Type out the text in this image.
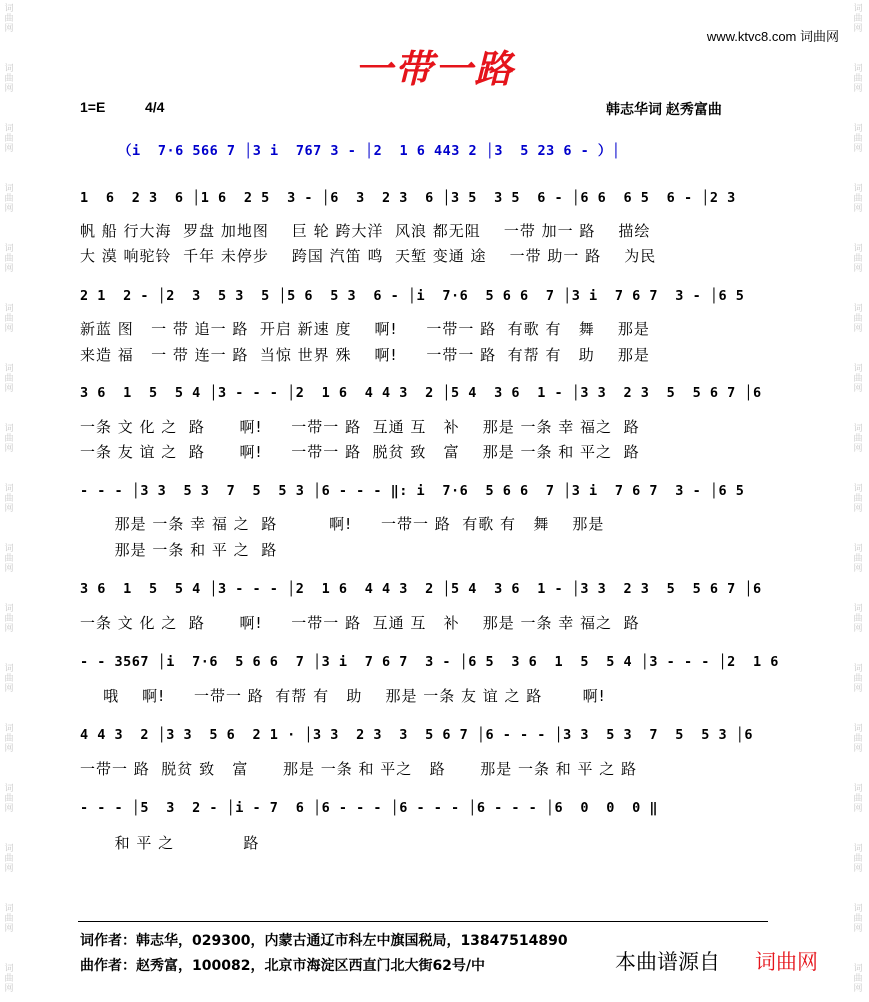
词
曲
网
词
曲
网
词
曲
网
词
曲
网
词
曲
网
词
曲
网
词
曲
网
词
曲
网
词
曲
网
词
曲
网
词
曲
网
词
曲
网
词
曲
网
词
曲
网
词
曲
网
词
曲
网
词
曲
网
词
曲
网
词
曲
网
词
曲
网
词
曲
网
词
曲
网
词
曲
网
词
曲
网
词
曲
网
词
曲
网
词
曲
网
词
曲
网
词
曲
网
词
曲
网
词
曲
网
词
曲
网
词
曲
网
词
曲
网
www.ktvc8.com 词曲网
一带一路
1=E	4/4	韩志华词 赵秀富曲
（i  7·6 566 7 │3 i  767 3 - │2  1 6 443 2 │3  5 23 6 - ）│
1  6  2 3  6 │1 6  2 5  3 - │6  3  2 3  6 │3 5  3 5  6 - │6 6  6 5  6 - │2 3
帆 船 行大海  罗盘 加地图    巨 轮 跨大洋  风浪 都无阻    一带 加一 路    描绘
大 漠 响驼铃  千年 未停步    跨国 汽笛 鸣  天堑 变通 途    一带 助一 路    为民
2 1  2 - │2  3  5 3  5 │5 6  5 3  6 - │i  7·6  5 6 6  7 │3 i  7 6 7  3 - │6 5
新蓝 图   一 带 追一 路  开启 新速 度    啊!     一带一 路  有歌 有   舞    那是
来造 福   一 带 连一 路  当惊 世界 殊    啊!     一带一 路  有帮 有   助    那是
3 6  1  5  5 4 │3 - - - │2  1 6  4 4 3  2 │5 4  3 6  1 - │3 3  2 3  5  5 6 7 │6
一条 文 化 之  路      啊!     一带一 路  互通 互   补    那是 一条 幸 福之  路
一条 友 谊 之  路      啊!     一带一 路  脱贫 致   富    那是 一条 和 平之  路
- - - │3 3  5 3  7  5  5 3 │6 - - - ‖: i  7·6  5 6 6  7 │3 i  7 6 7  3 - │6 5
那是 一条 幸 福 之  路         啊!     一带一 路  有歌 有   舞    那是
那是 一条 和 平 之  路
3 6  1  5  5 4 │3 - - - │2  1 6  4 4 3  2 │5 4  3 6  1 - │3 3  2 3  5  5 6 7 │6
一条 文 化 之  路      啊!     一带一 路  互通 互   补    那是 一条 幸 福之  路
- - 3567 │i  7·6  5 6 6  7 │3 i  7 6 7  3 - │6 5  3 6  1  5  5 4 │3 - - - │2  1 6
哦    啊!     一带一 路  有帮 有   助    那是 一条 友 谊 之 路       啊!
4 4 3  2 │3 3  5 6  2 1 · │3 3  2 3  3  5 6 7 │6 - - - │3 3  5 3  7  5  5 3 │6
一带一 路  脱贫 致   富      那是 一条 和 平之   路      那是 一条 和 平 之 路
- - - │5  3  2 - │i - 7  6 │6 - - - │6 - - - │6 - - - │6  0  0  0 ‖
和 平 之            路
词作者：韩志华，029300，内蒙古通辽市科左中旗国税局，13847514890
曲作者：赵秀富，100082，北京市海淀区西直门北大街62号/中	本曲谱源自 词曲网
